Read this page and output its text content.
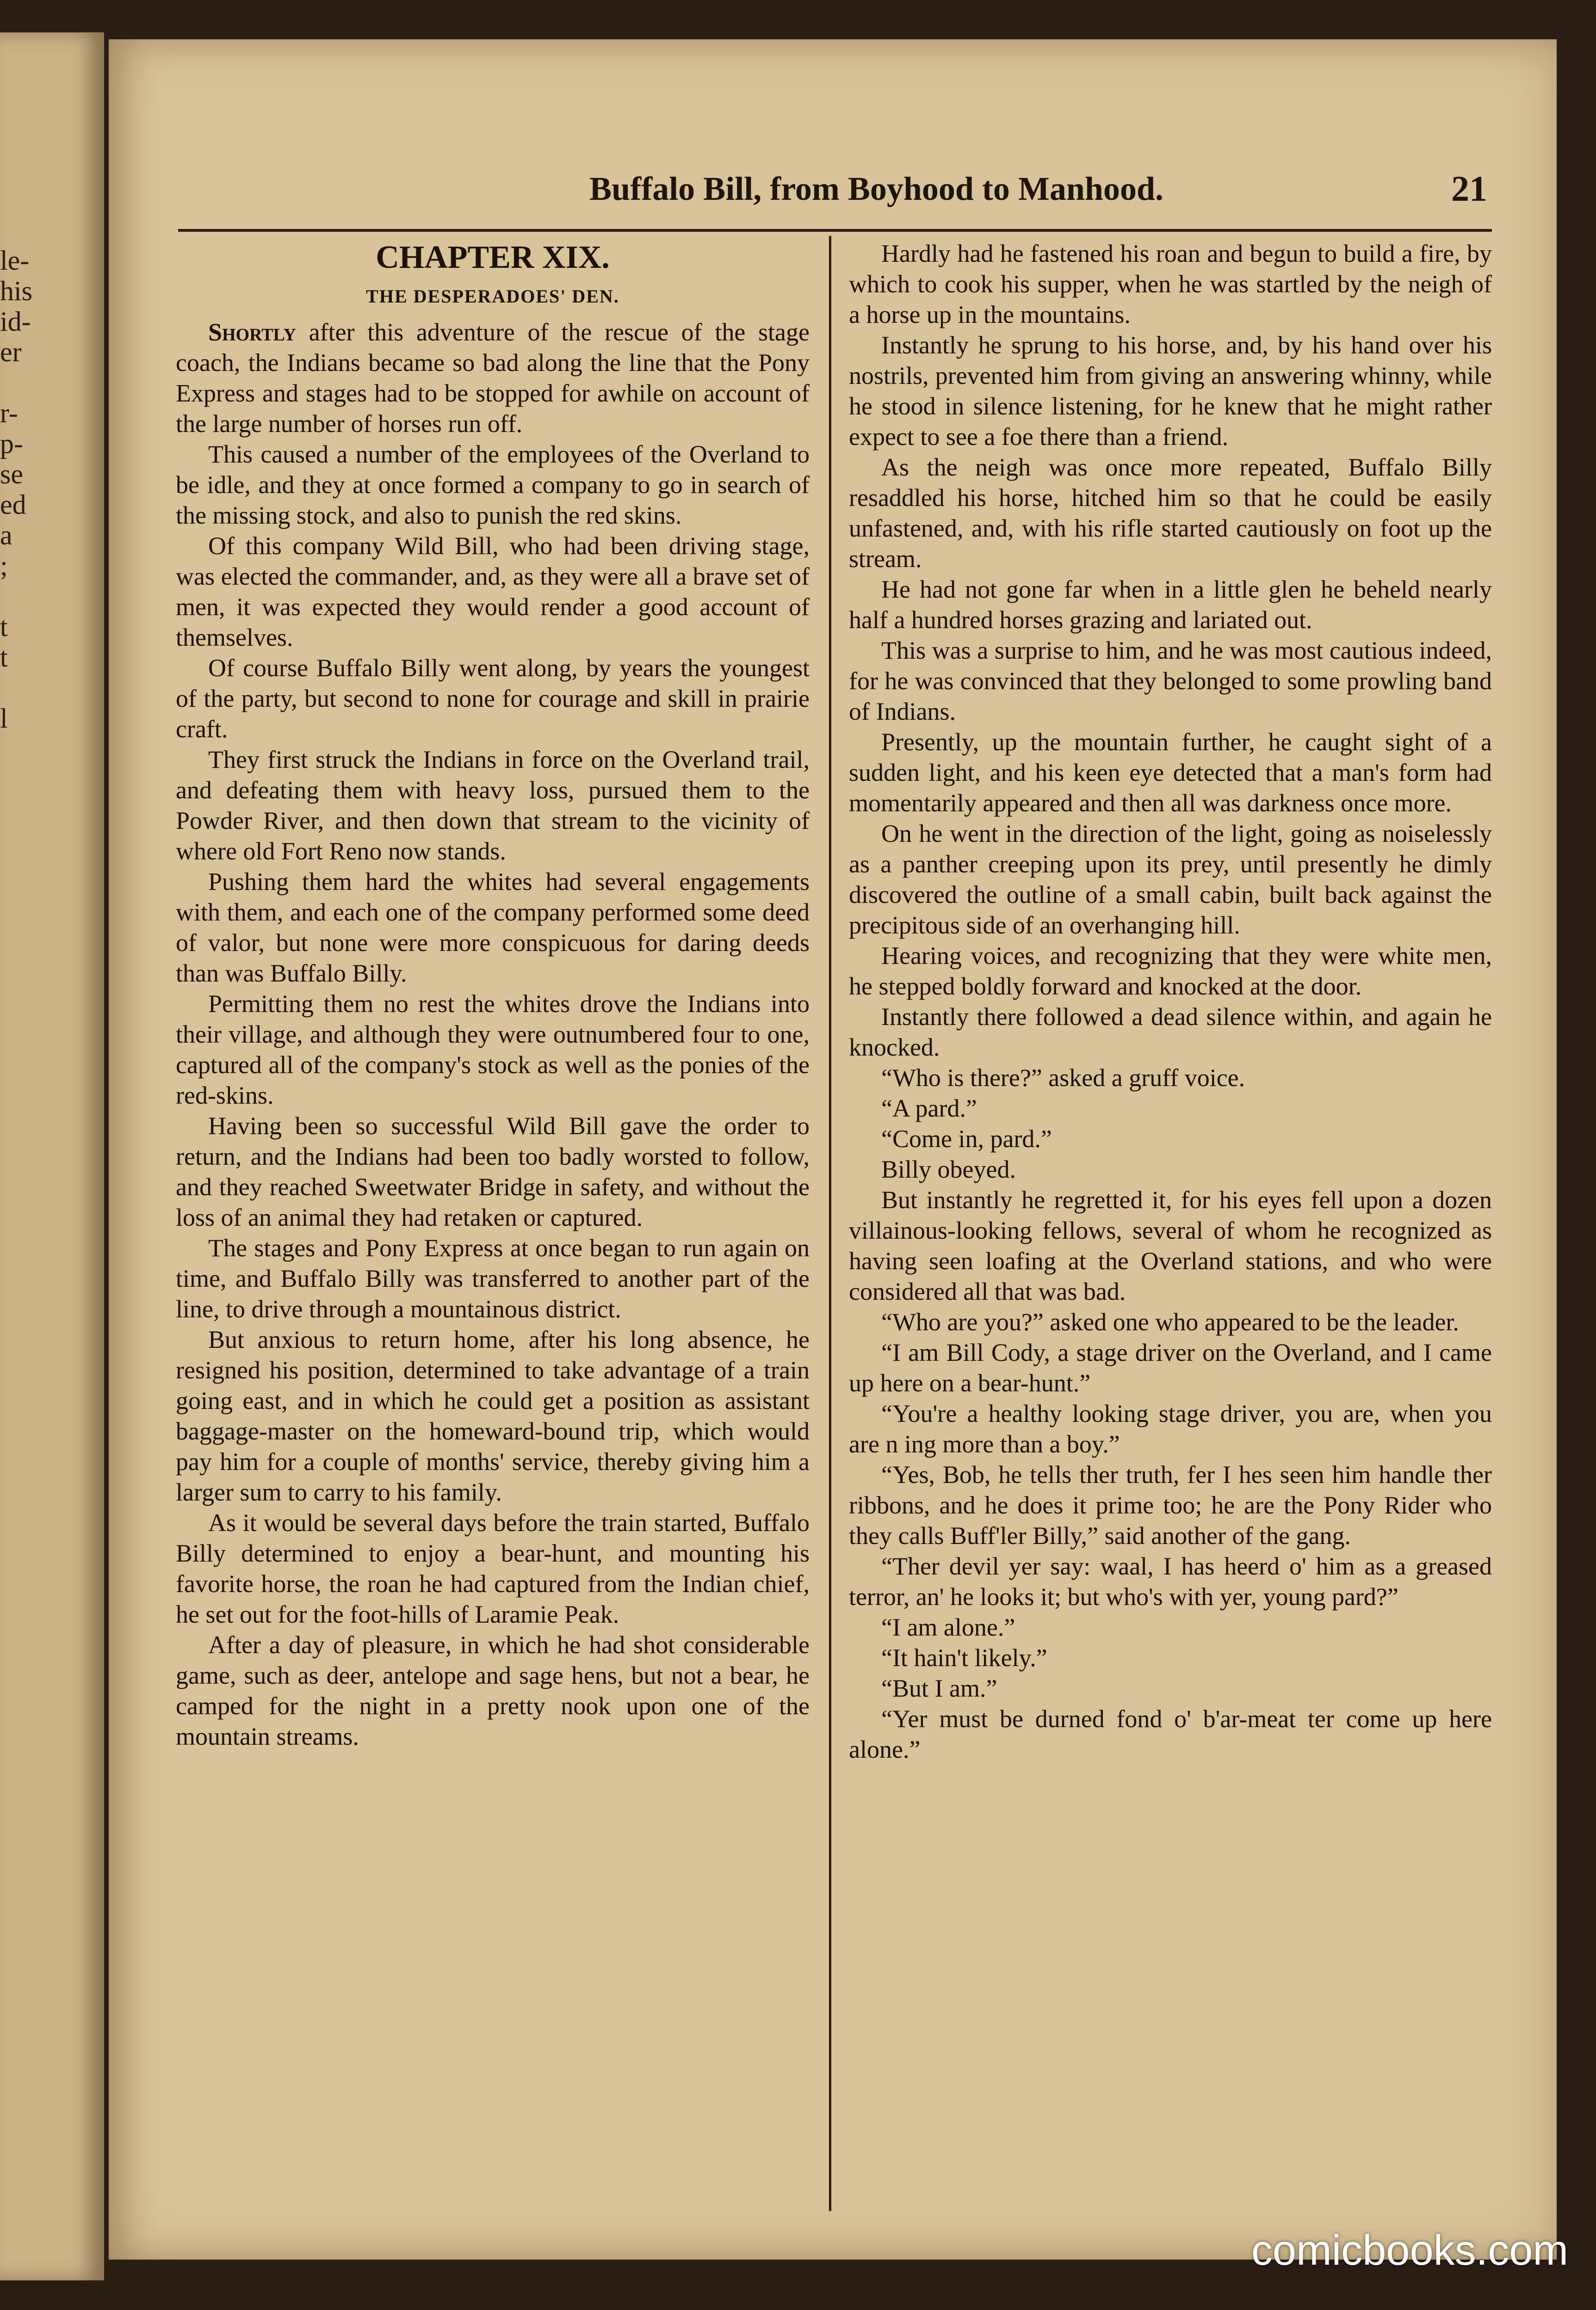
le-
his
id-
er
r-
p-
se
ed
a
;
t
t
l
Buffalo Bill, from Boyhood to Manhood.	21
CHAPTER XIX.
THE DESPERADOES' DEN.

Shortly after this adventure of the rescue of the stage coach, the Indians became so bad along the line that the Pony Express and stages had to be stopped for awhile on account of the large number of horses run off.

This caused a number of the employees of the Overland to be idle, and they at once formed a company to go in search of the missing stock, and also to punish the red skins.

Of this company Wild Bill, who had been driving stage, was elected the commander, and, as they were all a brave set of men, it was expected they would render a good account of themselves.

Of course Buffalo Billy went along, by years the youngest of the party, but second to none for courage and skill in prairie craft.

They first struck the Indians in force on the Overland trail, and defeating them with heavy loss, pursued them to the Powder River, and then down that stream to the vicinity of where old Fort Reno now stands.

Pushing them hard the whites had several engagements with them, and each one of the company performed some deed of valor, but none were more conspicuous for daring deeds than was Buffalo Billy.

Permitting them no rest the whites drove the Indians into their village, and although they were outnumbered four to one, captured all of the company's stock as well as the ponies of the red-skins.

Having been so successful Wild Bill gave the order to return, and the Indians had been too badly worsted to follow, and they reached Sweetwater Bridge in safety, and without the loss of an animal they had retaken or captured.

The stages and Pony Express at once began to run again on time, and Buffalo Billy was transferred to another part of the line, to drive through a mountainous district.

But anxious to return home, after his long absence, he resigned his position, determined to take advantage of a train going east, and in which he could get a position as assistant baggage-master on the homeward-bound trip, which would pay him for a couple of months' service, thereby giving him a larger sum to carry to his family.

As it would be several days before the train started, Buffalo Billy determined to enjoy a bear-hunt, and mounting his favorite horse, the roan he had captured from the Indian chief, he set out for the foot-hills of Laramie Peak.

After a day of pleasure, in which he had shot considerable game, such as deer, antelope and sage hens, but not a bear, he camped for the night in a pretty nook upon one of the mountain streams.

Hardly had he fastened his roan and begun to build a fire, by which to cook his supper, when he was startled by the neigh of a horse up in the mountains.

Instantly he sprung to his horse, and, by his hand over his nostrils, prevented him from giving an answering whinny, while he stood in silence listening, for he knew that he might rather expect to see a foe there than a friend.

As the neigh was once more repeated, Buffalo Billy resaddled his horse, hitched him so that he could be easily unfastened, and, with his rifle started cautiously on foot up the stream.

He had not gone far when in a little glen he beheld nearly half a hundred horses grazing and lariated out.

This was a surprise to him, and he was most cautious indeed, for he was convinced that they belonged to some prowling band of Indians.

Presently, up the mountain further, he caught sight of a sudden light, and his keen eye detected that a man's form had momentarily appeared and then all was darkness once more.

On he went in the direction of the light, going as noiselessly as a panther creeping upon its prey, until presently he dimly discovered the outline of a small cabin, built back against the precipitous side of an overhanging hill.

Hearing voices, and recognizing that they were white men, he stepped boldly forward and knocked at the door.

Instantly there followed a dead silence within, and again he knocked.

“Who is there?” asked a gruff voice.

“A pard.”

“Come in, pard.”

Billy obeyed.

But instantly he regretted it, for his eyes fell upon a dozen villainous-looking fellows, several of whom he recognized as having seen loafing at the Overland stations, and who were considered all that was bad.

“Who are you?” asked one who appeared to be the leader.

“I am Bill Cody, a stage driver on the Overland, and I came up here on a bear-hunt.”

“You're a healthy looking stage driver, you are, when you are n ing more than a boy.”

“Yes, Bob, he tells ther truth, fer I hes seen him handle ther ribbons, and he does it prime too; he are the Pony Rider who they calls Buff'ler Billy,” said another of the gang.

“Ther devil yer say: waal, I has heerd o' him as a greased terror, an' he looks it; but who's with yer, young pard?”

“I am alone.”

“It hain't likely.”

“But I am.”

“Yer must be durned fond o' b'ar-meat ter come up here alone.”

comicbooks.com
